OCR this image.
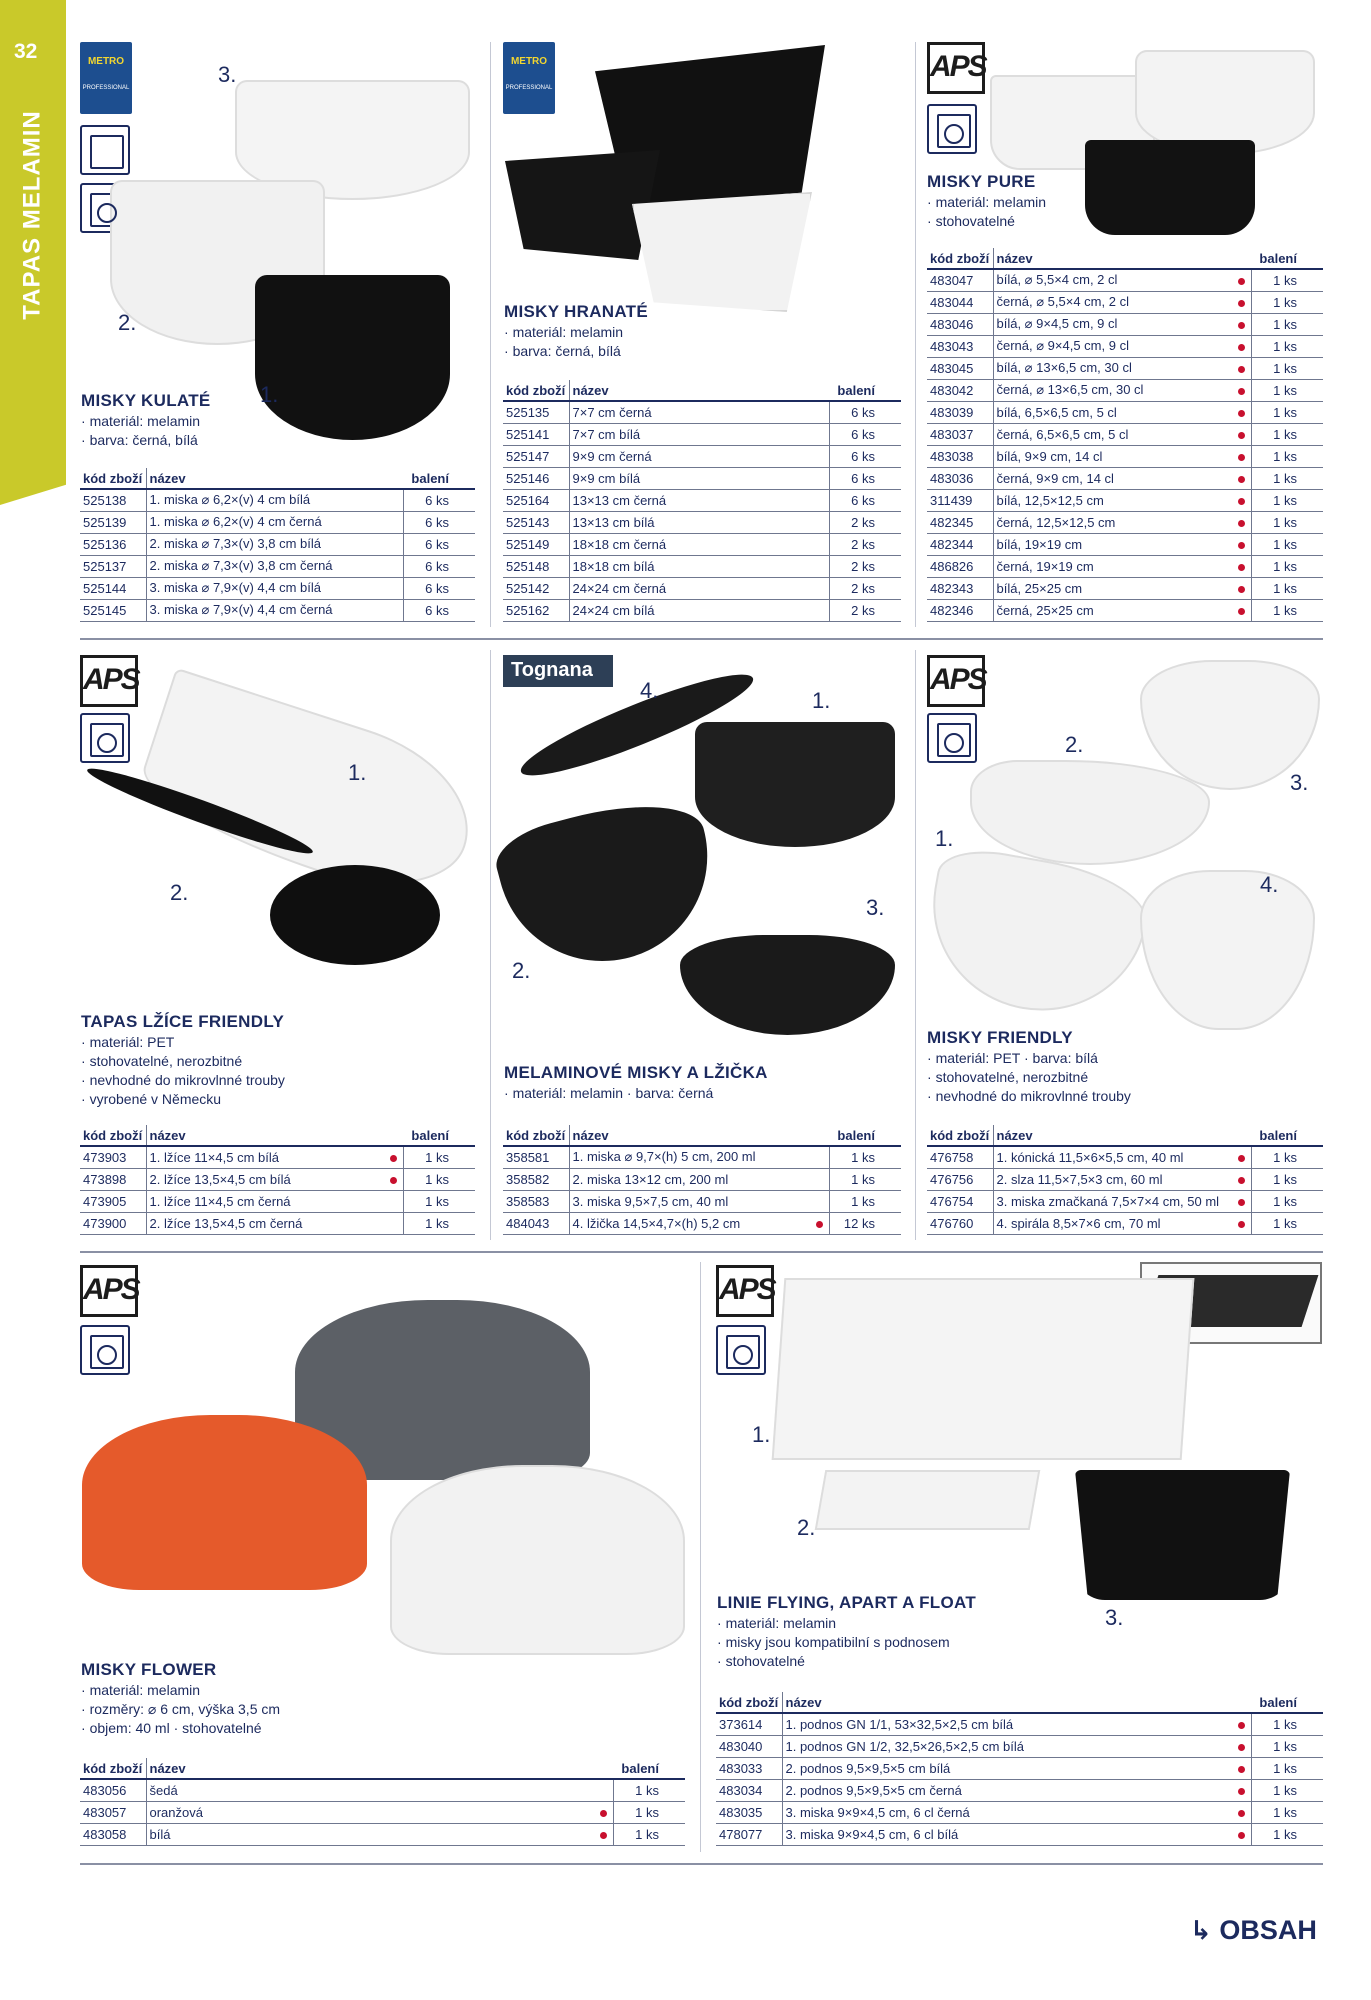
32
TAPAS MELAMIN
METRO
PROFESSIONAL
3.
2.
1.
MISKY KULATÉ
· materiál: melamin
· barva: černá, bílá
kód zboží	název		balení
525138	1. miska ⌀ 6,2×(v) 4 cm bílá		6 ks
525139	1. miska ⌀ 6,2×(v) 4 cm černá		6 ks
525136	2. miska ⌀ 7,3×(v) 3,8 cm bílá		6 ks
525137	2. miska ⌀ 7,3×(v) 3,8 cm černá		6 ks
525144	3. miska ⌀ 7,9×(v) 4,4 cm bílá		6 ks
525145	3. miska ⌀ 7,9×(v) 4,4 cm černá		6 ks
METRO
PROFESSIONAL
MISKY HRANATÉ
· materiál: melamin
· barva: černá, bílá
kód zboží	název		balení
525135	7×7 cm černá		6 ks
525141	7×7 cm bílá		6 ks
525147	9×9 cm černá		6 ks
525146	9×9 cm bílá		6 ks
525164	13×13 cm černá		6 ks
525143	13×13 cm bílá		2 ks
525149	18×18 cm černá		2 ks
525148	18×18 cm bílá		2 ks
525142	24×24 cm černá		2 ks
525162	24×24 cm bílá		2 ks
APS
MISKY PURE
· materiál: melamin
· stohovatelné
kód zboží	název		balení
483047	bílá, ⌀ 5,5×4 cm, 2 cl		1 ks
483044	černá, ⌀ 5,5×4 cm, 2 cl		1 ks
483046	bílá, ⌀ 9×4,5 cm, 9 cl		1 ks
483043	černá, ⌀ 9×4,5 cm, 9 cl		1 ks
483045	bílá, ⌀ 13×6,5 cm, 30 cl		1 ks
483042	černá, ⌀ 13×6,5 cm, 30 cl		1 ks
483039	bílá, 6,5×6,5 cm, 5 cl		1 ks
483037	černá, 6,5×6,5 cm, 5 cl		1 ks
483038	bílá, 9×9 cm, 14 cl		1 ks
483036	černá, 9×9 cm, 14 cl		1 ks
311439	bílá, 12,5×12,5 cm		1 ks
482345	černá, 12,5×12,5 cm		1 ks
482344	bílá, 19×19 cm		1 ks
486826	černá, 19×19 cm		1 ks
482343	bílá, 25×25 cm		1 ks
482346	černá, 25×25 cm		1 ks
APS
1.
2.
TAPAS LŽÍCE FRIENDLY
· materiál: PET
· stohovatelné, nerozbitné
· nevhodné do mikrovlnné trouby
· vyrobené v Německu
kód zboží	název		balení
473903	1. lžíce 11×4,5 cm bílá		1 ks
473898	2. lžíce 13,5×4,5 cm bílá		1 ks
473905	1. lžíce 11×4,5 cm černá		1 ks
473900	2. lžíce 13,5×4,5 cm černá		1 ks
Tognana
4.	1.
3.
2.
MELAMINOVÉ MISKY A LŽIČKA
· materiál: melamin · barva: černá
kód zboží	název		balení
358581	1. miska ⌀ 9,7×(h) 5 cm, 200 ml		1 ks
358582	2. miska 13×12 cm, 200 ml		1 ks
358583	3. miska 9,5×7,5 cm, 40 ml		1 ks
484043	4. lžička 14,5×4,7×(h) 5,2 cm		12 ks
APS
2.
3.
1.
4.
MISKY FRIENDLY
· materiál: PET · barva: bílá
· stohovatelné, nerozbitné
· nevhodné do mikrovlnné trouby
kód zboží	název		balení
476758	1. kónická 11,5×6×5,5 cm, 40 ml		1 ks
476756	2. slza 11,5×7,5×3 cm, 60 ml		1 ks
476754	3. miska zmačkaná 7,5×7×4 cm, 50 ml		1 ks
476760	4. spirála 8,5×7×6 cm, 70 ml		1 ks
APS
MISKY FLOWER
· materiál: melamin
· rozměry: ⌀ 6 cm, výška 3,5 cm
· objem: 40 ml · stohovatelné
kód zboží	název		balení
483056	šedá		1 ks
483057	oranžová		1 ks
483058	bílá		1 ks
APS
1.
2.
3.
LINIE FLYING, APART A FLOAT
· materiál: melamin
· misky jsou kompatibilní s podnosem
· stohovatelné
kód zboží	název		balení
373614	1. podnos GN 1/1, 53×32,5×2,5 cm bílá		1 ks
483040	1. podnos GN 1/2, 32,5×26,5×2,5 cm bílá		1 ks
483033	2. podnos 9,5×9,5×5 cm bílá		1 ks
483034	2. podnos 9,5×9,5×5 cm černá		1 ks
483035	3. miska 9×9×4,5 cm, 6 cl černá		1 ks
478077	3. miska 9×9×4,5 cm, 6 cl bílá		1 ks
↳ OBSAH
